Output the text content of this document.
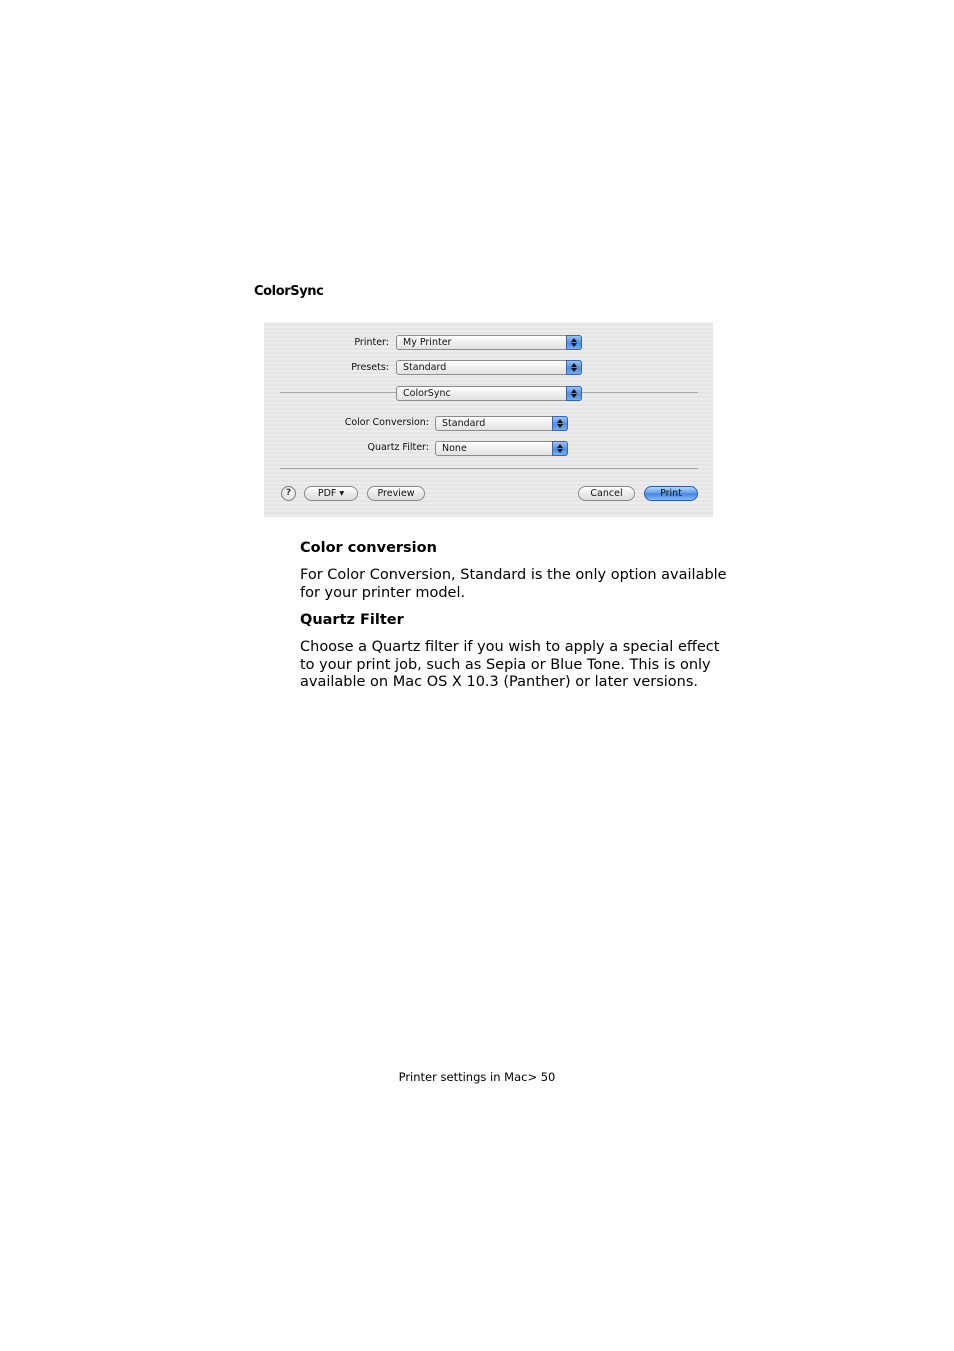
ColorSync
Printer:	My Printer
Presets:	Standard
ColorSync
Color Conversion:	Standard
Quartz Filter:	None
?	PDF ▾	Preview	Cancel	Print
Color conversion
For Color Conversion, Standard is the only option available for your printer model.
Quartz Filter
Choose a Quartz filter if you wish to apply a special effect to your print job, such as Sepia or Blue Tone. This is only available on Mac OS X 10.3 (Panther) or later versions.
Printer settings in Mac> 50
